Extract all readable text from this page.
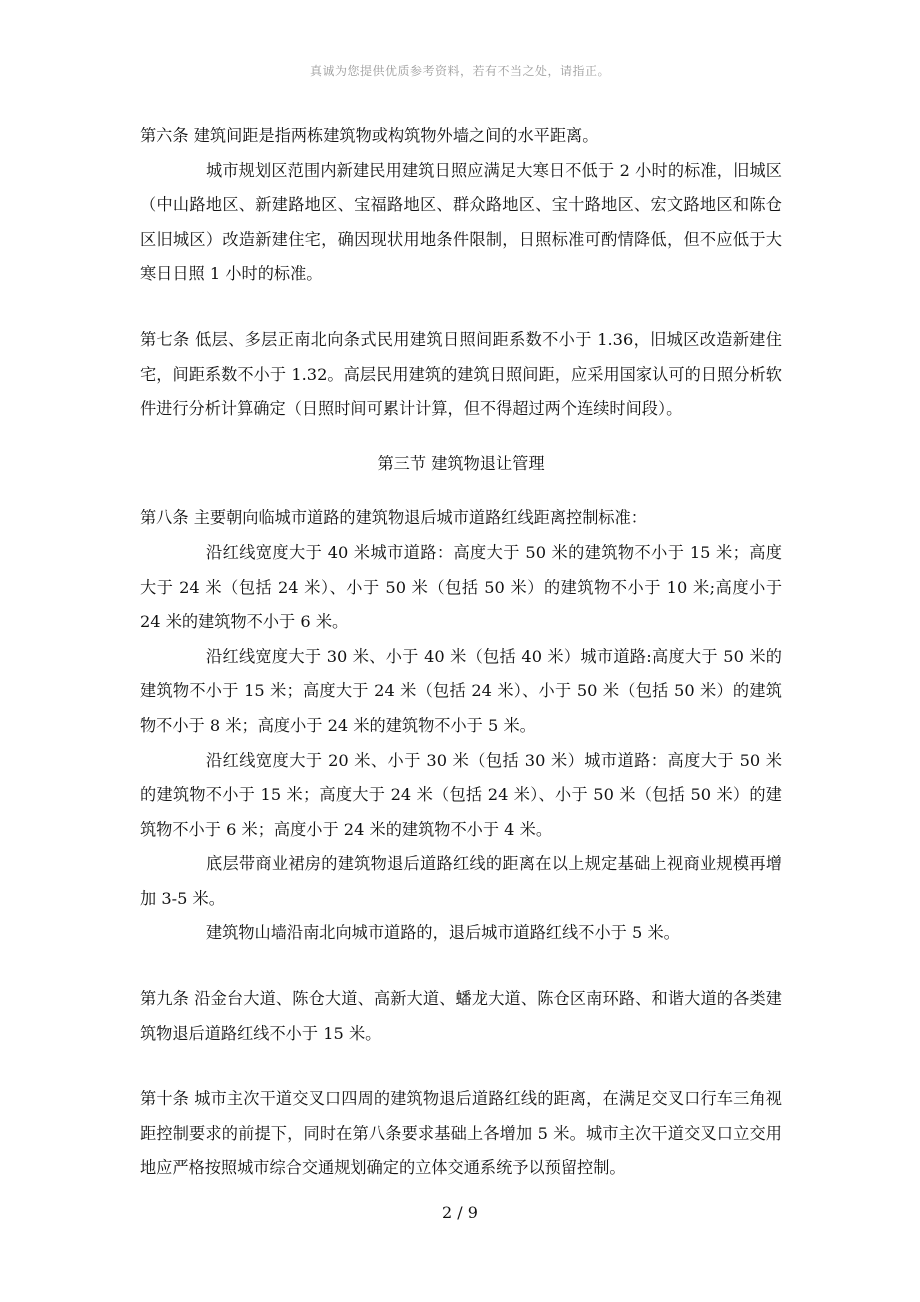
真诚为您提供优质参考资料，若有不当之处，请指正。

第六条 建筑间距是指两栋建筑物或构筑物外墙之间的水平距离。

城市规划区范围内新建民用建筑日照应满足大寒日不低于 2 小时的标准，旧城区（中山路地区、新建路地区、宝福路地区、群众路地区、宝十路地区、宏文路地区和陈仓区旧城区）改造新建住宅，确因现状用地条件限制，日照标准可酌情降低，但不应低于大寒日日照 1 小时的标准。

第七条 低层、多层正南北向条式民用建筑日照间距系数不小于 1.36，旧城区改造新建住宅，间距系数不小于 1.32。高层民用建筑的建筑日照间距，应采用国家认可的日照分析软件进行分析计算确定（日照时间可累计计算，但不得超过两个连续时间段）。

第三节 建筑物退让管理

第八条 主要朝向临城市道路的建筑物退后城市道路红线距离控制标准：

沿红线宽度大于 40 米城市道路：高度大于 50 米的建筑物不小于 15 米；高度大于 24 米（包括 24 米）、小于 50 米（包括 50 米）的建筑物不小于 10 米;高度小于 24 米的建筑物不小于 6 米。

沿红线宽度大于 30 米、小于 40 米（包括 40 米）城市道路:高度大于 50 米的建筑物不小于 15 米；高度大于 24 米（包括 24 米）、小于 50 米（包括 50 米）的建筑物不小于 8 米；高度小于 24 米的建筑物不小于 5 米。

沿红线宽度大于 20 米、小于 30 米（包括 30 米）城市道路：高度大于 50 米的建筑物不小于 15 米；高度大于 24 米（包括 24 米）、小于 50 米（包括 50 米）的建筑物不小于 6 米；高度小于 24 米的建筑物不小于 4 米。

底层带商业裙房的建筑物退后道路红线的距离在以上规定基础上视商业规模再增加 3-5 米。

建筑物山墙沿南北向城市道路的，退后城市道路红线不小于 5 米。

第九条 沿金台大道、陈仓大道、高新大道、蟠龙大道、陈仓区南环路、和谐大道的各类建筑物退后道路红线不小于 15 米。

第十条 城市主次干道交叉口四周的建筑物退后道路红线的距离，在满足交叉口行车三角视距控制要求的前提下，同时在第八条要求基础上各增加 5 米。城市主次干道交叉口立交用地应严格按照城市综合交通规划确定的立体交通系统予以预留控制。

2 / 9
